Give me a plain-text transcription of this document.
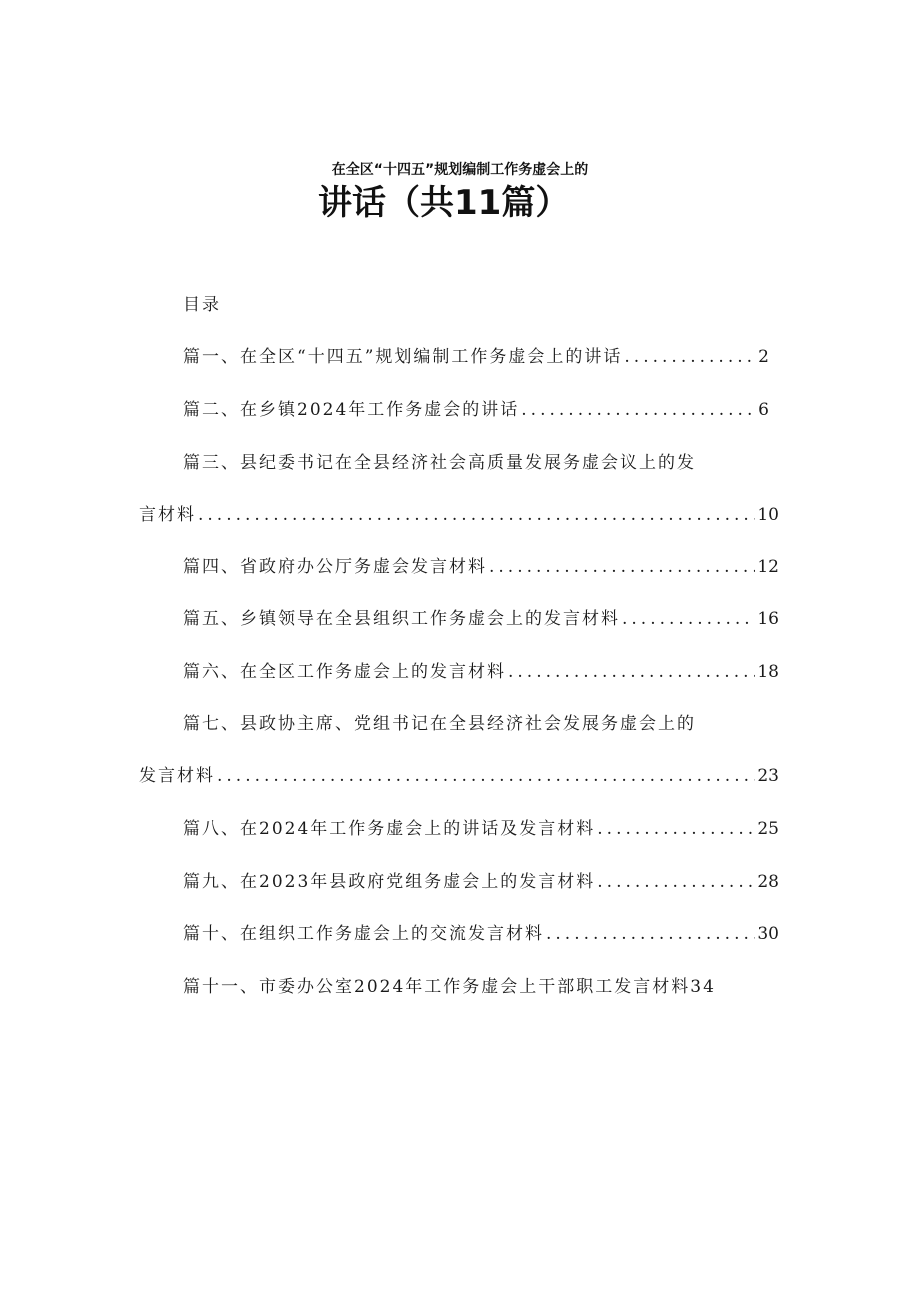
在全区“十四五”规划编制工作务虚会上的
讲话（共11篇）
目录
篇一、在全区“十四五”规划编制工作务虚会上的讲话 .....	2
篇二、在乡镇2024年工作务虚会的讲话 .....	6
篇三、县纪委书记在全县经济社会高质量发展务虚会议上的发
言材料 .....	10
篇四、省政府办公厅务虚会发言材料 .....	12
篇五、乡镇领导在全县组织工作务虚会上的发言材料 .....	16
篇六、在全区工作务虚会上的发言材料 .....	18
篇七、县政协主席、党组书记在全县经济社会发展务虚会上的
发言材料 .....	23
篇八、在2024年工作务虚会上的讲话及发言材料 .....	25
篇九、在2023年县政府党组务虚会上的发言材料 .....	28
篇十、在组织工作务虚会上的交流发言材料 .....	30
篇十一、市委办公室2024年工作务虚会上干部职工发言材料34
